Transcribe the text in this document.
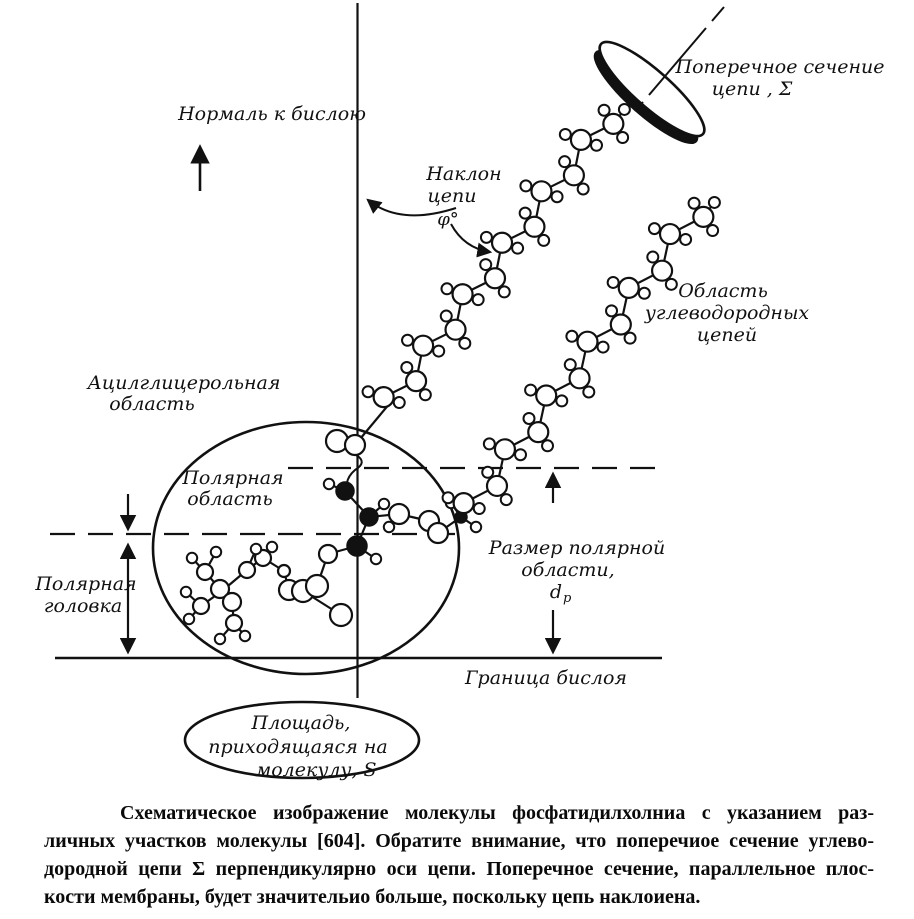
Нормаль к бислою
Поперечное сечение
цепи , Σ
Наклон
цепи
φ°
Область
углеводородных
цепей
Ацилглицерольная
область
Полярная
область
Полярная
головка
Размер полярной
области,
d p
Граница бислоя
Площадь,
приходящаяся на
молекулу, S
Схематическое изображение молекулы фосфатидилхолниа с указанием раз-
личных участков молекулы [604]. Обратите внимание, что поперечиое сечение углево-
дородной цепи Σ перпендикулярно оси цепи. Поперечное сечение, параллельное плос-
кости мембраны, будет значительио больше, поскольку цепь наклоиена.
